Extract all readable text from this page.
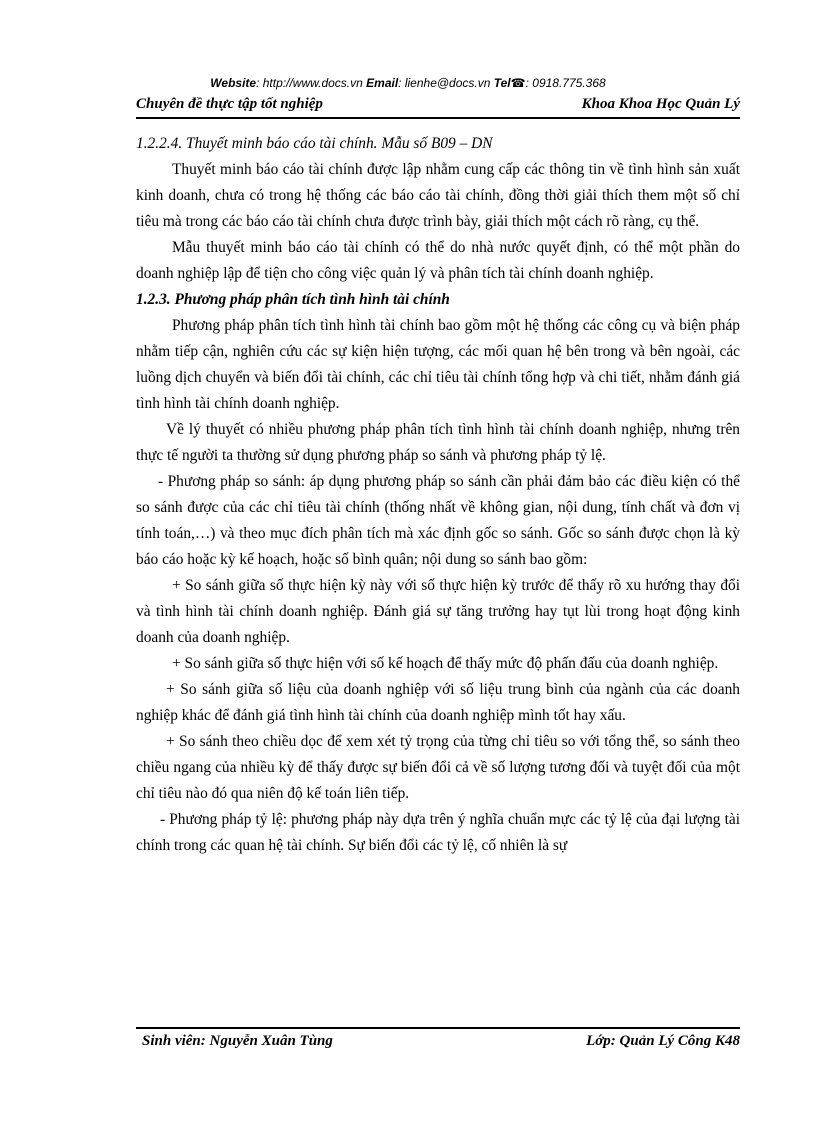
Website: http://www.docs.vn Email: lienhe@docs.vn Tel☎: 0918.775.368
Chuyên đề thực tập tốt nghiệp	Khoa Khoa Học Quản Lý

1.2.2.4. Thuyết minh báo cáo tài chính. Mẫu số B09 – DN

Thuyết minh báo cáo tài chính được lập nhằm cung cấp các thông tin về tình hình sản xuất kinh doanh, chưa có trong hệ thống các báo cáo tài chính, đồng thời giải thích them một số chỉ tiêu mà trong các báo cáo tài chính chưa được trình bày, giải thích một cách rõ ràng, cụ thể.

Mẫu thuyết minh báo cáo tài chính có thể do nhà nước quyết định, có thể một phần do doanh nghiệp lập để tiện cho công việc quản lý và phân tích tài chính doanh nghiệp.

1.2.3. Phương pháp phân tích tình hình tài chính

Phương pháp phân tích tình hình tài chính bao gồm một hệ thống các công cụ và biện pháp nhằm tiếp cận, nghiên cứu các sự kiện hiện tượng, các mối quan hệ bên trong và bên ngoài, các luồng dịch chuyển và biến đổi tài chính, các chỉ tiêu tài chính tổng hợp và chi tiết, nhằm đánh giá tình hình tài chính doanh nghiệp.

Về lý thuyết có nhiều phương pháp phân tích tình hình tài chính doanh nghiệp, nhưng trên thực tế người ta thường sử dụng phương pháp so sánh và phương pháp tỷ lệ.

- Phương pháp so sánh: áp dụng phương pháp so sánh cần phải đảm bảo các điều kiện có thể so sánh được của các chỉ tiêu tài chính (thống nhất về không gian, nội dung, tính chất và đơn vị tính toán,…) và theo mục đích phân tích mà xác định gốc so sánh. Gốc so sánh được chọn là kỳ báo cáo hoặc kỳ kế hoạch, hoặc số bình quân; nội dung so sánh bao gồm:

+ So sánh giữa số thực hiện kỳ này với số thực hiện kỳ trước để thấy rõ xu hướng thay đổi và tình hình tài chính doanh nghiệp. Đánh giá sự tăng trưởng hay tụt lùi trong hoạt động kinh doanh của doanh nghiệp.

+ So sánh giữa số thực hiện với số kế hoạch để thấy mức độ phấn đấu của doanh nghiệp.

+ So sánh giữa số liệu của doanh nghiệp với số liệu trung bình của ngành của các doanh nghiệp khác để đánh giá tình hình tài chính của doanh nghiệp mình tốt hay xấu.

+ So sánh theo chiều dọc để xem xét tỷ trọng của từng chỉ tiêu so với tổng thể, so sánh theo chiều ngang của nhiều kỳ để thấy được sự biến đổi cả về số lượng tương đối và tuyệt đối của một chỉ tiêu nào đó qua niên độ kế toán liên tiếp.

- Phương pháp tỷ lệ: phương pháp này dựa trên ý nghĩa chuẩn mực các tỷ lệ của đại lượng tài chính trong các quan hệ tài chính. Sự biến đổi các tỷ lệ, cố nhiên là sự

Sinh viên: Nguyễn Xuân Tùng	Lớp: Quản Lý Công K48
